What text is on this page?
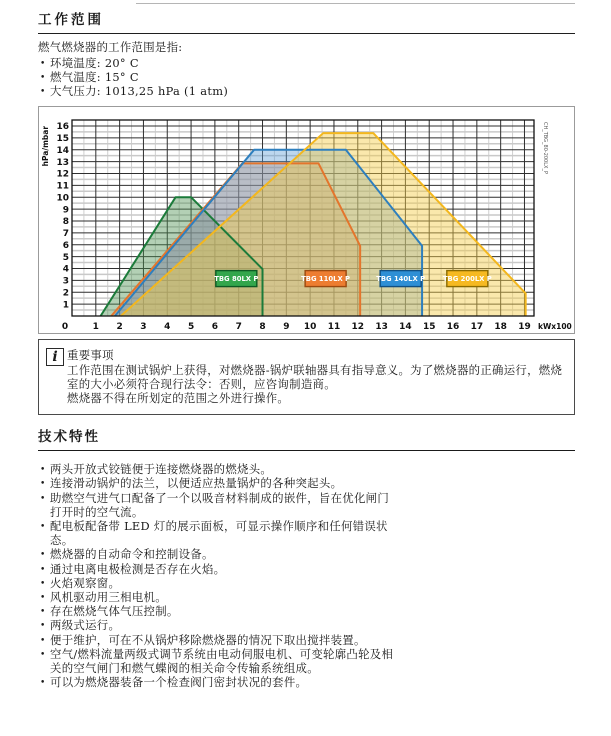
工作范围

燃气燃烧器的工作范围是指:

• 环境温度: 20° C
• 燃气温度: 15° C
• 大气压力: 1013,25 hPa (1 atm)
TBG 80LX P	TBG 110LX P	TBG 140LX P	TBG 200LX P
0	1 2 3 4 5 6 7 8 9 10 11 12 13 14 15 16 17 18 19
1
2
3
4
5
6
7
8
9
10
11
12
13
14
15
16
kWx100
hPa/mbar	CH_TBG_80-200LX_P
i 重要事项
工作范围在测试锅炉上获得，对燃烧器-锅炉联轴器具有指导意义。为了燃烧器的正确运行，燃烧室的大小必须符合现行法令：否则，应咨询制造商。
燃烧器不得在所划定的范围之外进行操作。
技术特性
• 两头开放式铰链便于连接燃烧器的燃烧头。
• 连接滑动锅炉的法兰，以便适应热量锅炉的各种突起头。
• 助燃空气进气口配备了一个以吸音材料制成的嵌件，旨在优化闸门打开时的空气流。
• 配电板配备带 LED 灯的展示面板，可显示操作顺序和任何错误状态。
• 燃烧器的自动命令和控制设备。
• 通过电离电极检测是否存在火焰。
• 火焰观察窗。
• 风机驱动用三相电机。
• 存在燃烧气体气压控制。
• 两级式运行。
• 便于维护，可在不从锅炉移除燃烧器的情况下取出搅拌装置。
• 空气/燃料流量两级式调节系统由电动伺服电机、可变轮廓凸轮及相关的空气闸门和燃气蝶阀的相关命令传输系统组成。
• 可以为燃烧器装备一个检查阀门密封状况的套件。
